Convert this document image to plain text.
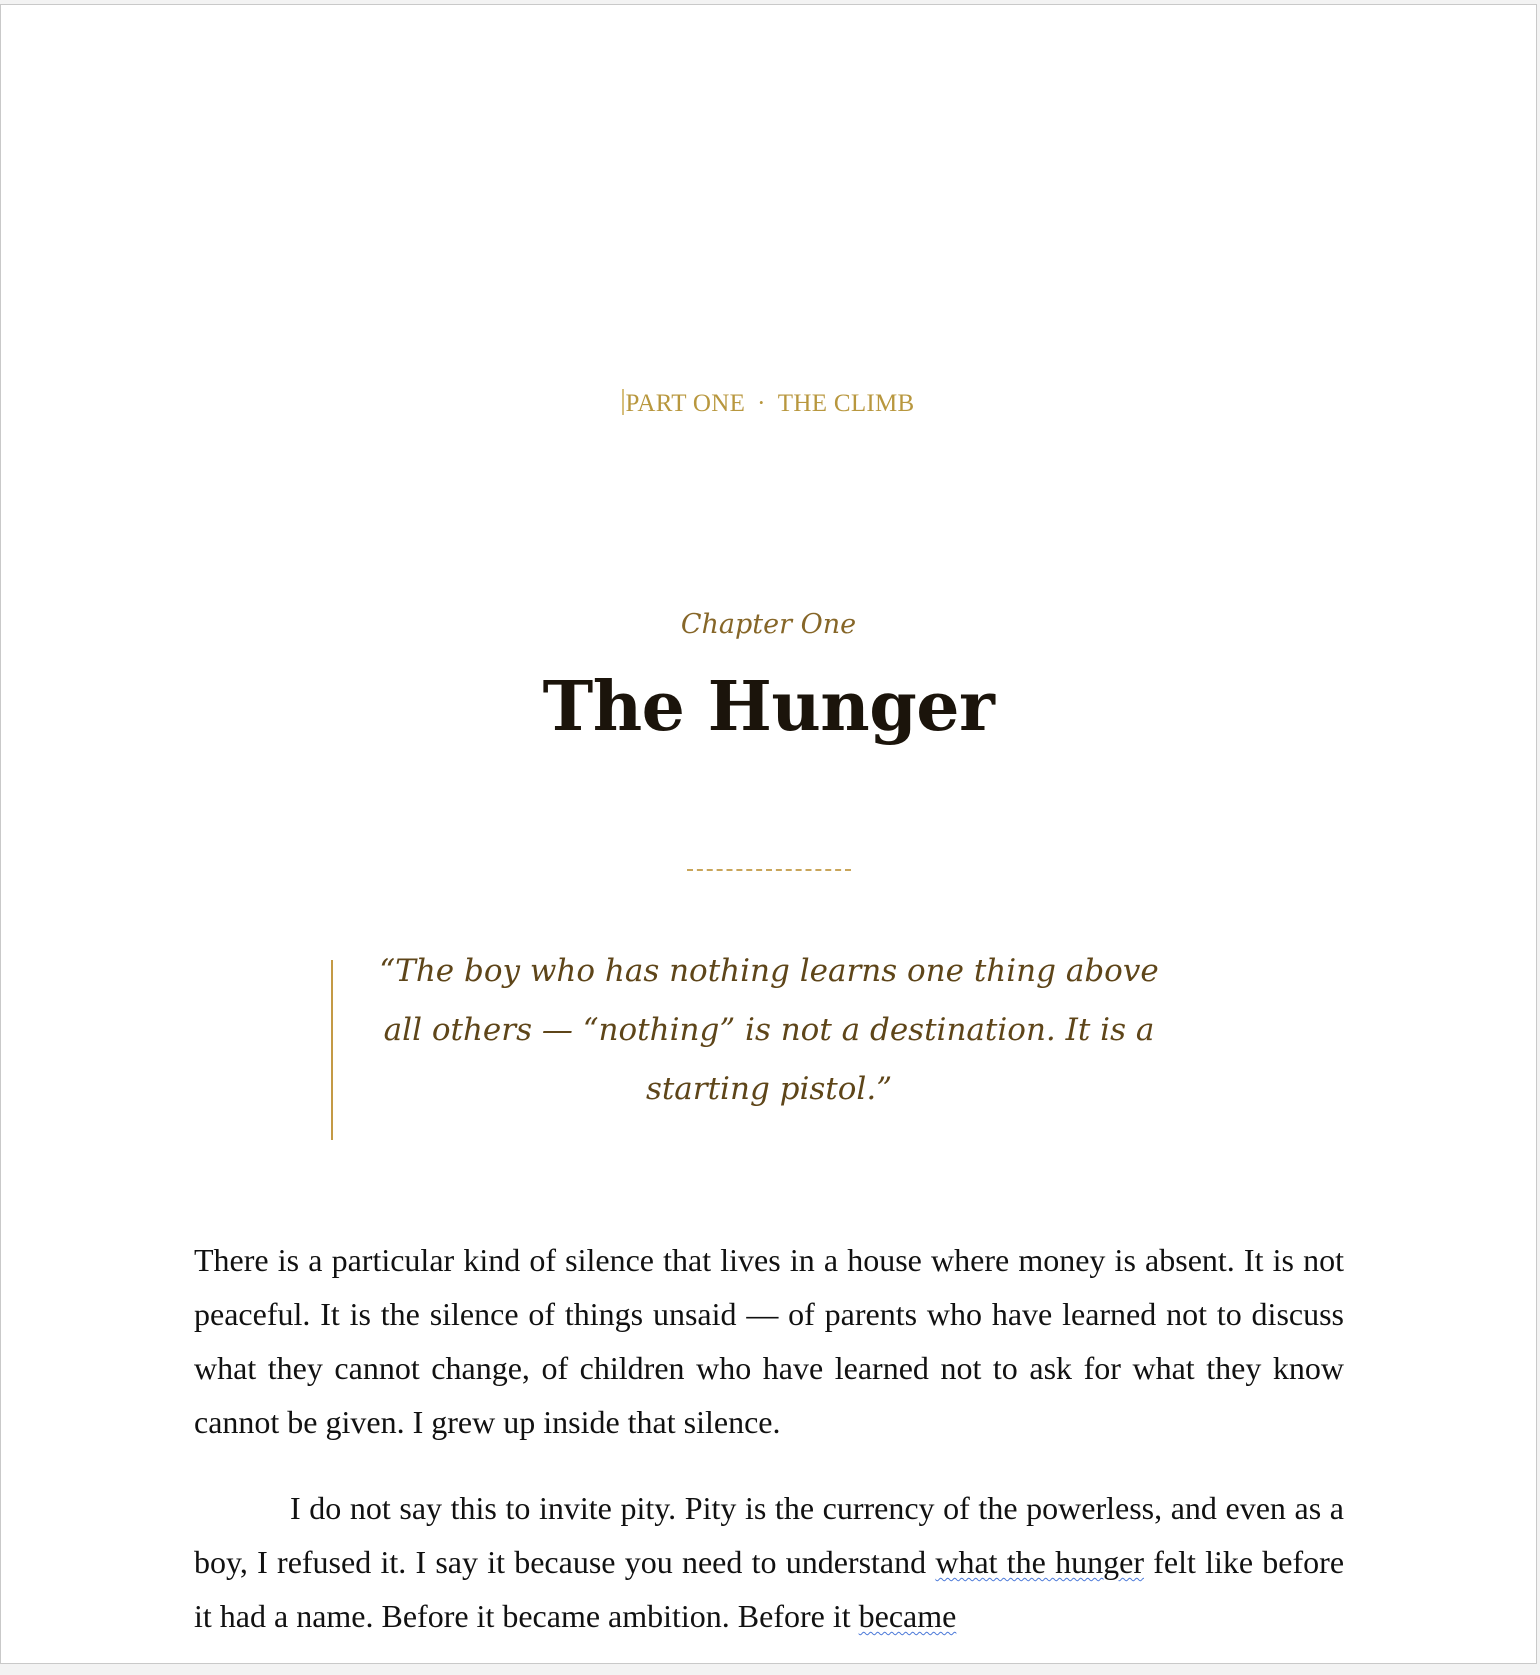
PART ONE · THE CLIMB
Chapter One
The Hunger
“The boy who has nothing learns one thing above all others — “nothing” is not a destination. It is a starting pistol.”

There is a particular kind of silence that lives in a house where money is absent. It is not peaceful. It is the silence of things unsaid — of parents who have learned not to discuss what they cannot change, of children who have learned not to ask for what they know cannot be given. I grew up inside that silence.

I do not say this to invite pity. Pity is the currency of the powerless, and even as a boy, I refused it. I say it because you need to understand what the hunger felt like before it had a name. Before it became ambition. Before it became
